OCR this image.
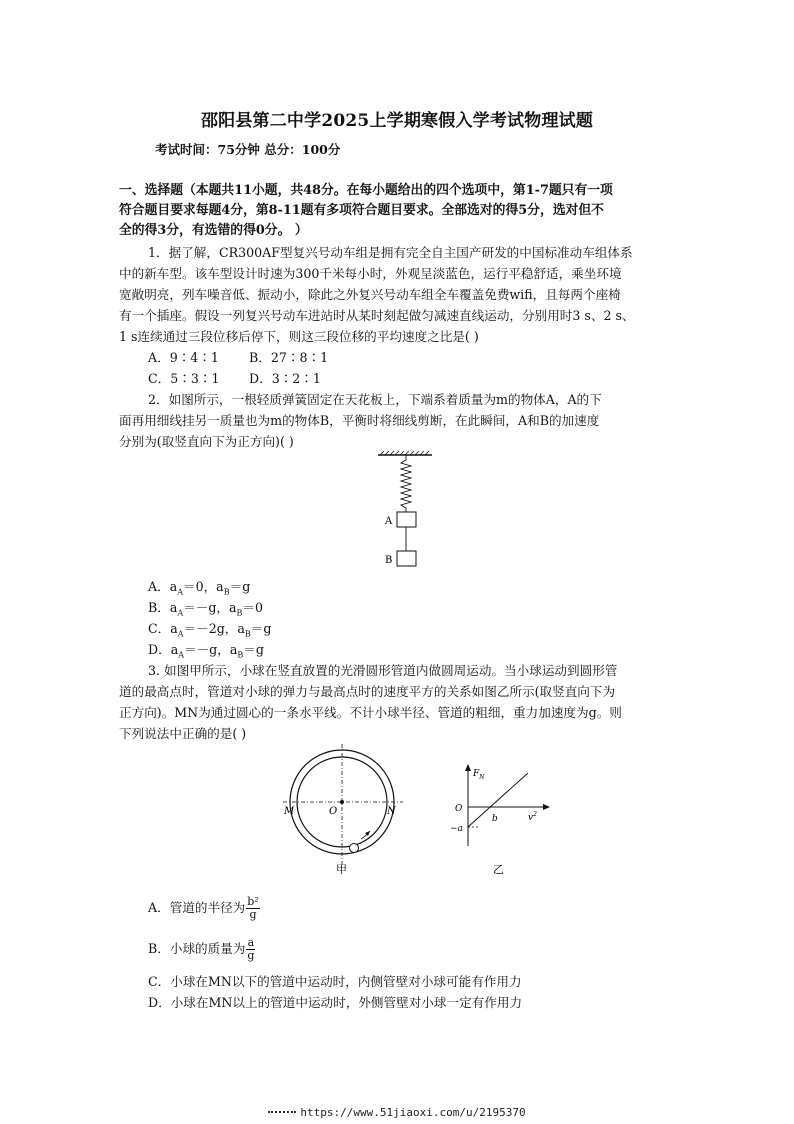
邵阳县第二中学2025上学期寒假入学考试物理试题
考试时间：75分钟 总分：100分
一、选择题（本题共11小题，共48分。在每小题给出的四个选项中，第1-7题只有一项
符合题目要求每题4分，第8-11题有多项符合题目要求。全部选对的得5分，选对但不
全的得3分，有选错的得0分。 ）
1．据了解，CR300AF型复兴号动车组是拥有完全自主国产研发的中国标准动车组体系
中的新车型。该车型设计时速为300千米每小时，外观呈淡蓝色，运行平稳舒适，乘坐环境
宽敞明亮，列车噪音低、振动小，除此之外复兴号动车组全车覆盖免费wifi，且每两个座椅
有一个插座。假设一列复兴号动车进站时从某时刻起做匀减速直线运动，分别用时3 s、2 s、
1 s连续通过三段位移后停下，则这三段位移的平均速度之比是( )
A．9∶4∶1 B．27∶8∶1
C．5∶3∶1 D．3∶2∶1
2．如图所示，一根轻质弹簧固定在天花板上，下端系着质量为m的物体A，A的下
面再用细线挂另一质量也为m的物体B，平衡时将细线剪断，在此瞬间，A和B的加速度
分别为(取竖直向下为正方向)( )
A
B
A．$a_A=0$，$a_B=g$
B．$a_A=-g$，$a_B=0$
C．$a_A=-2g$，$a_B=g$
D．$a_A=-g$，$a_B=g$
3. 如图甲所示，小球在竖直放置的光滑圆形管道内做圆周运动。当小球运动到圆形管
道的最高点时，管道对小球的弹力与最高点时的速度平方的关系如图乙所示(取竖直向下为
正方向)。MN为通过圆心的一条水平线。不计小球半径、管道的粗细，重力加速度为g。则
下列说法中正确的是( )
M	O	N
甲
$F_N$
O
−a
b	$v^2$
乙
A．管道的半径为 $\frac{\text{b²}}{g}$
B．小球的质量为 $\frac{a}{g}$
C．小球在MN以下的管道中运动时，内侧管壁对小球可能有作用力
D．小球在MN以上的管道中运动时，外侧管壁对小球一定有作用力
https://www.51jiaoxi.com/u/2195370
